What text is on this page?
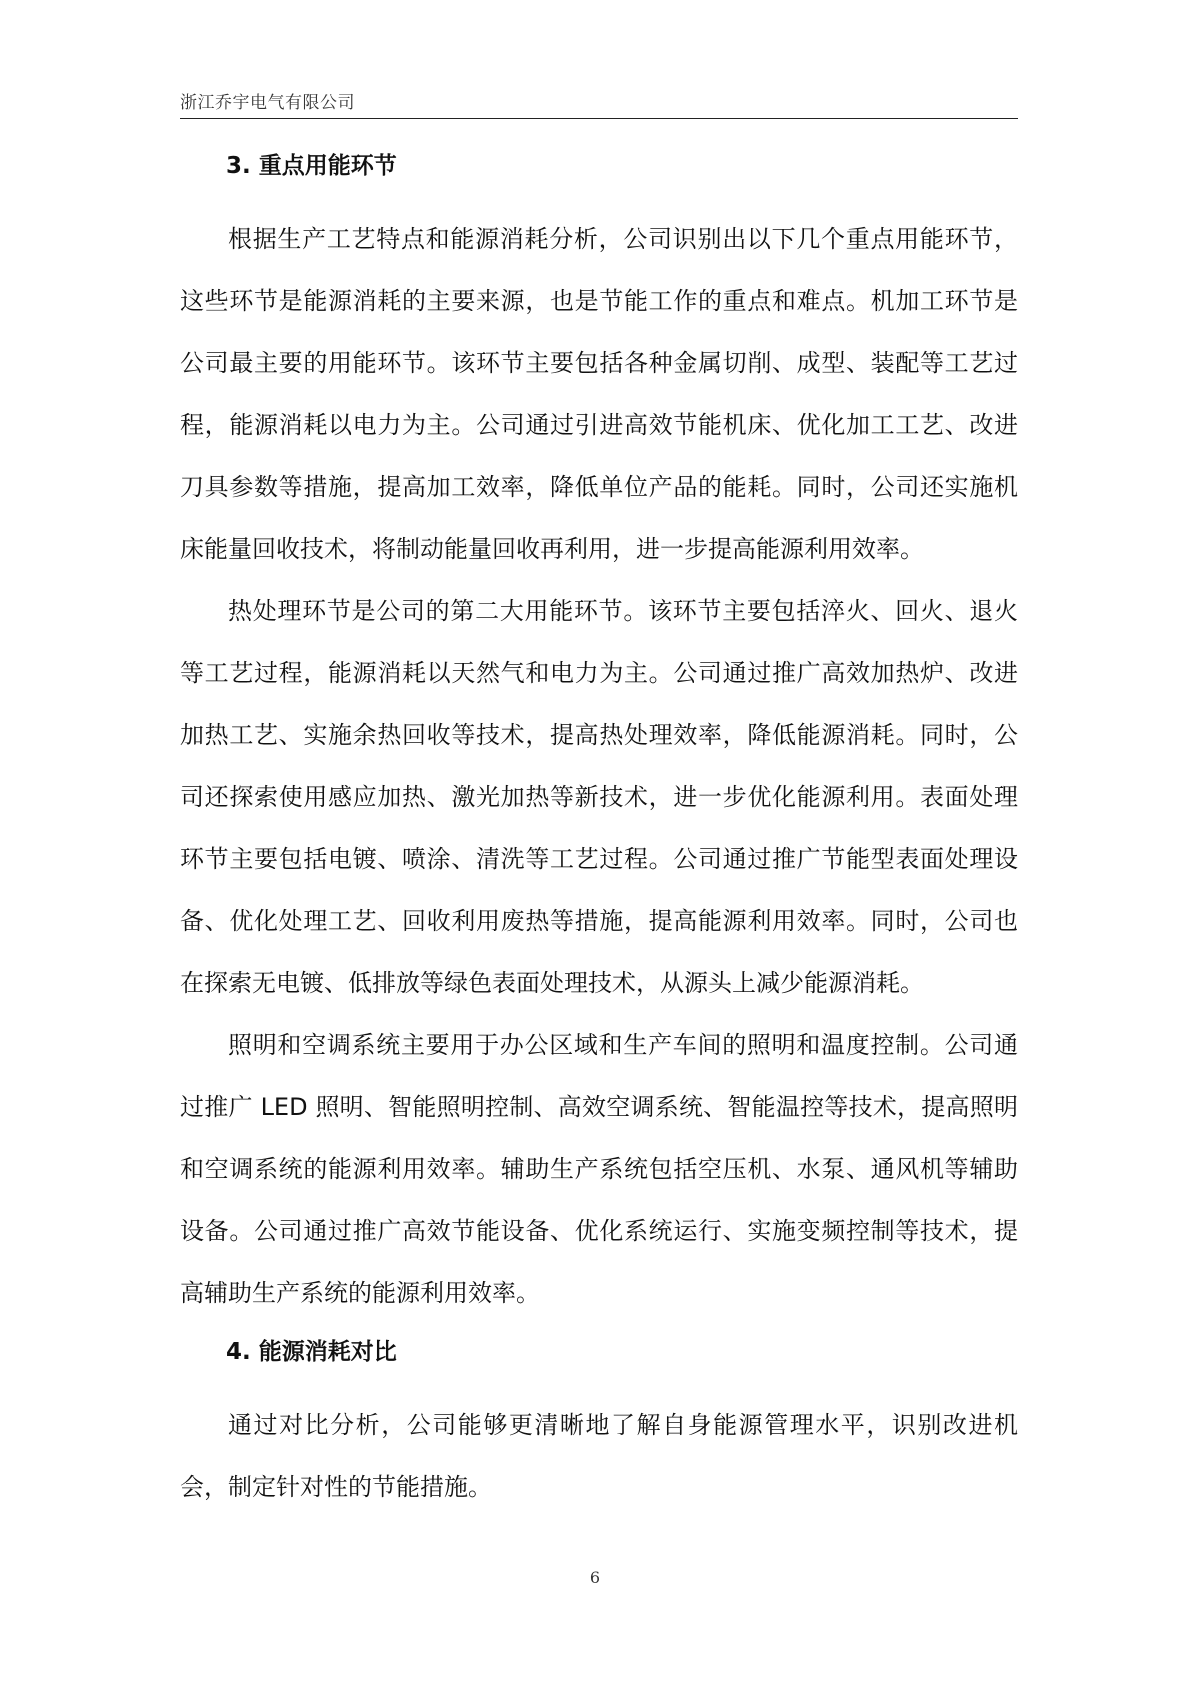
浙江乔宇电气有限公司
3. 重点用能环节

根据生产工艺特点和能源消耗分析，公司识别出以下几个重点用能环节，这些环节是能源消耗的主要来源，也是节能工作的重点和难点。机加工环节是公司最主要的用能环节。该环节主要包括各种金属切削、成型、装配等工艺过程，能源消耗以电力为主。公司通过引进高效节能机床、优化加工工艺、改进刀具参数等措施，提高加工效率，降低单位产品的能耗。同时，公司还实施机床能量回收技术，将制动能量回收再利用，进一步提高能源利用效率。

热处理环节是公司的第二大用能环节。该环节主要包括淬火、回火、退火等工艺过程，能源消耗以天然气和电力为主。公司通过推广高效加热炉、改进加热工艺、实施余热回收等技术，提高热处理效率，降低能源消耗。同时，公司还探索使用感应加热、激光加热等新技术，进一步优化能源利用。表面处理环节主要包括电镀、喷涂、清洗等工艺过程。公司通过推广节能型表面处理设备、优化处理工艺、回收利用废热等措施，提高能源利用效率。同时，公司也在探索无电镀、低排放等绿色表面处理技术，从源头上减少能源消耗。

照明和空调系统主要用于办公区域和生产车间的照明和温度控制。公司通过推广 LED 照明、智能照明控制、高效空调系统、智能温控等技术，提高照明和空调系统的能源利用效率。辅助生产系统包括空压机、水泵、通风机等辅助设备。公司通过推广高效节能设备、优化系统运行、实施变频控制等技术，提高辅助生产系统的能源利用效率。

4. 能源消耗对比

通过对比分析，公司能够更清晰地了解自身能源管理水平，识别改进机会，制定针对性的节能措施。

6
